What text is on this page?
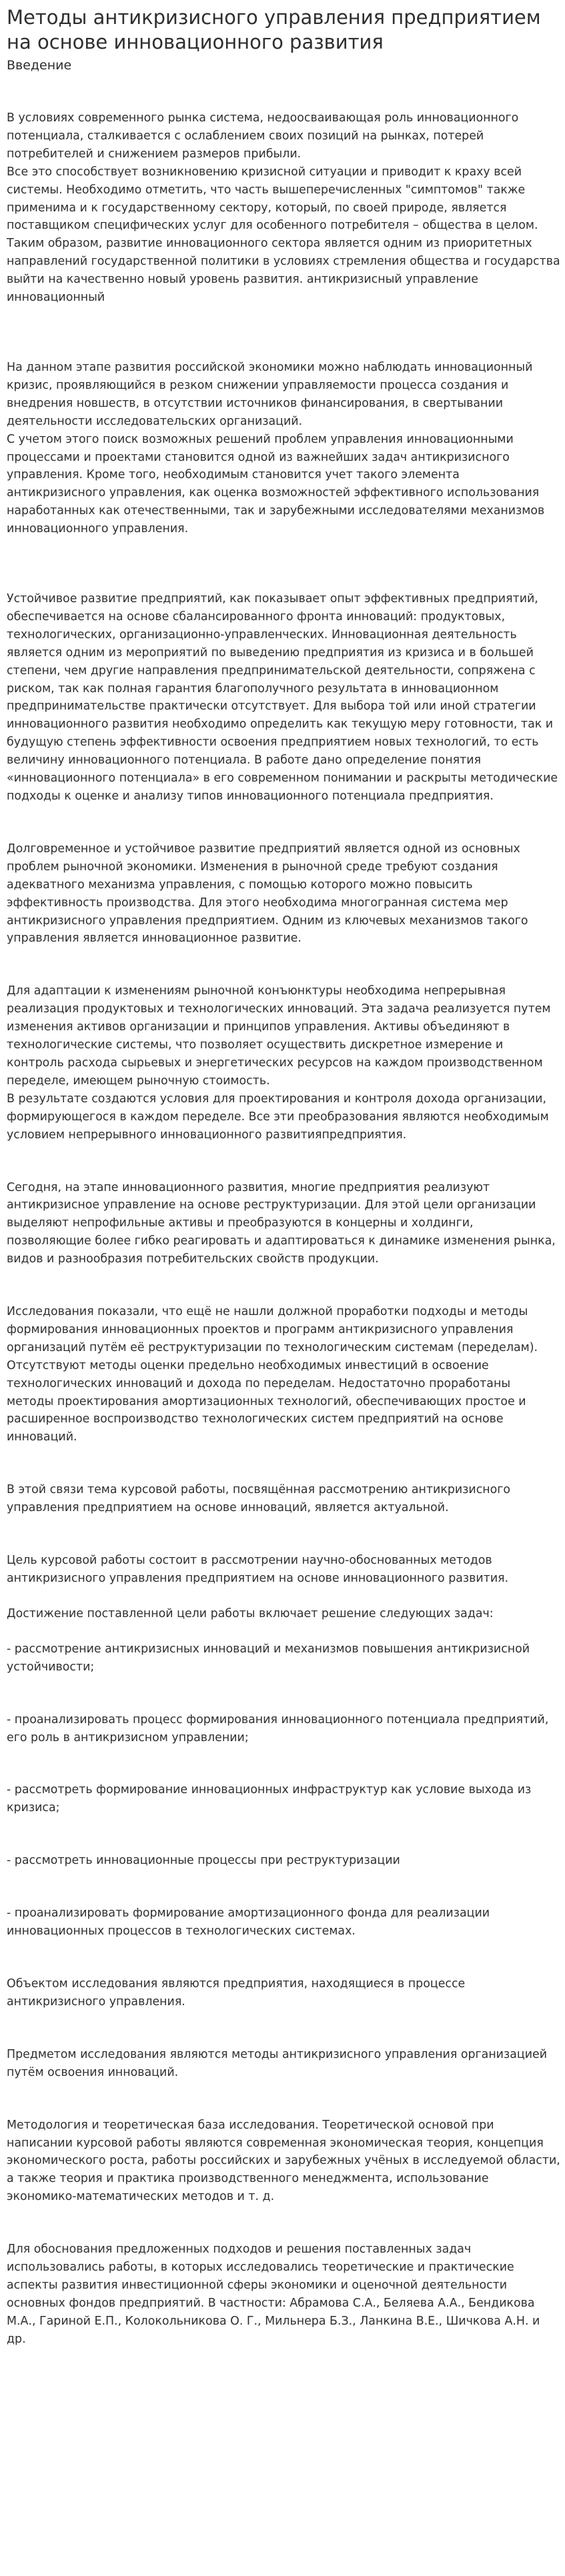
Методы антикризисного управления предприятием на основе инновационного развития
Введение

В условиях современного рынка система, недоосваивающая роль инновационного потенциала, сталкивается с ослаблением своих позиций на рынках, потерей потребителей и снижением размеров прибыли.
Все это способствует возникновению кризисной ситуации и приводит к краху всей системы. Необходимо отметить, что часть вышеперечисленных "симптомов" также применима и к государственному сектору, который, по своей природе, является поставщиком специфических услуг для особенного потребителя – общества в целом. Таким образом, развитие инновационного сектора является одним из приоритетных направлений государственной политики в условиях стремления общества и государства выйти на качественно новый уровень развития. антикризисный управление инновационный

На данном этапе развития российской экономики можно наблюдать инновационный кризис, проявляющийся в резком снижении управляемости процесса создания и внедрения новшеств, в отсутствии источников финансирования, в свертывании деятельности исследовательских организаций.
С учетом этого поиск возможных решений проблем управления инновационными процессами и проектами становится одной из важнейших задач антикризисного управления. Кроме того, необходимым становится учет такого элемента антикризисного управления, как оценка возможностей эффективного использования наработанных как отечественными, так и зарубежными исследователями механизмов инновационного управления.

Устойчивое развитие предприятий, как показывает опыт эффективных предприятий, обеспечивается на основе сбалансированного фронта инноваций: продуктовых, технологических, организационно-управленческих. Инновационная деятельность является одним из мероприятий по выведению предприятия из кризиса и в большей степени, чем другие направления предпринимательской деятельности, сопряжена с риском, так как полная гарантия благополучного результата в инновационном предпринимательстве практически отсутствует. Для выбора той или иной стратегии инновационного развития необходимо определить как текущую меру готовности, так и будущую степень эффективности освоения предприятием новых технологий, то есть величину инновационного потенциала. В работе дано определение понятия «инновационного потенциала» в его современном понимании и раскрыты методические подходы к оценке и анализу типов инновационного потенциала предприятия.

Долговременное и устойчивое развитие предприятий является одной из основных проблем рыночной экономики. Изменения в рыночной среде требуют создания адекватного механизма управления, с помощью которого можно повысить эффективность производства. Для этого необходима многогранная система мер антикризисного управления предприятием. Одним из ключевых механизмов такого управления является инновационное развитие.

Для адаптации к изменениям рыночной конъюнктуры необходима непрерывная реализация продуктовых и технологических инноваций. Эта задача реализуется путем изменения активов организации и принципов управления. Активы объединяют в технологические системы, что позволяет осуществить дискретное измерение и контроль расхода сырьевых и энергетических ресурсов на каждом производственном переделе, имеющем рыночную стоимость.
В результате создаются условия для проектирования и контроля дохода организации, формирующегося в каждом переделе. Все эти преобразования являются необходимым условием непрерывного инновационного развитияпредприятия.

Сегодня, на этапе инновационного развития, многие предприятия реализуют антикризисное управление на основе реструктуризации. Для этой цели организации выделяют непрофильные активы и преобразуются в концерны и холдинги, позволяющие более гибко реагировать и адаптироваться к динамике изменения рынка, видов и разнообразия потребительских свойств продукции.

Исследования показали, что ещё не нашли должной проработки подходы и методы формирования инновационных проектов и программ антикризисного управления организаций путём её реструктуризации по технологическим системам (переделам). Отсутствуют методы оценки предельно необходимых инвестиций в освоение технологических инноваций и дохода по переделам. Недостаточно проработаны методы проектирования амортизационных технологий, обеспечивающих простое и расширенное воспроизводство технологических систем предприятий на основе инноваций.

В этой связи тема курсовой работы, посвящённая рассмотрению антикризисного управления предприятием на основе инноваций, является актуальной.

Цель курсовой работы состоит в рассмотрении научно-обоснованных методов антикризисного управления предприятием на основе инновационного развития.

Достижение поставленной цели работы включает решение следующих задач:

- рассмотрение антикризисных инноваций и механизмов повышения антикризисной устойчивости;

- проанализировать процесс формирования инновационного потенциала предприятий, его роль в антикризисном управлении;

- рассмотреть формирование инновационных инфраструктур как условие выхода из кризиса;

- рассмотреть инновационные процессы при реструктуризации

- проанализировать формирование амортизационного фонда для реализации инновационных процессов в технологических системах.

Объектом исследования являются предприятия, находящиеся в процессе антикризисного управления.

Предметом исследования являются методы антикризисного управления организацией путём освоения инноваций.

Методология и теоретическая база исследования. Теоретической основой при написании курсовой работы являются современная экономическая теория, концепция экономического роста, работы российских и зарубежных учёных в исследуемой области, а также теория и практика производственного менеджмента, использование экономико-математических методов и т. д.

Для обоснования предложенных подходов и решения поставленных задач использовались работы, в которых исследовались теоретические и практические аспекты развития инвестиционной сферы экономики и оценочной деятельности основных фондов предприятий. В частности: Абрамова С.А., Беляева А.А., Бендикова М.А., Гариной Е.П., Колокольникова О. Г., Мильнера Б.З., Ланкина В.Е., Шичкова А.Н. и др.
